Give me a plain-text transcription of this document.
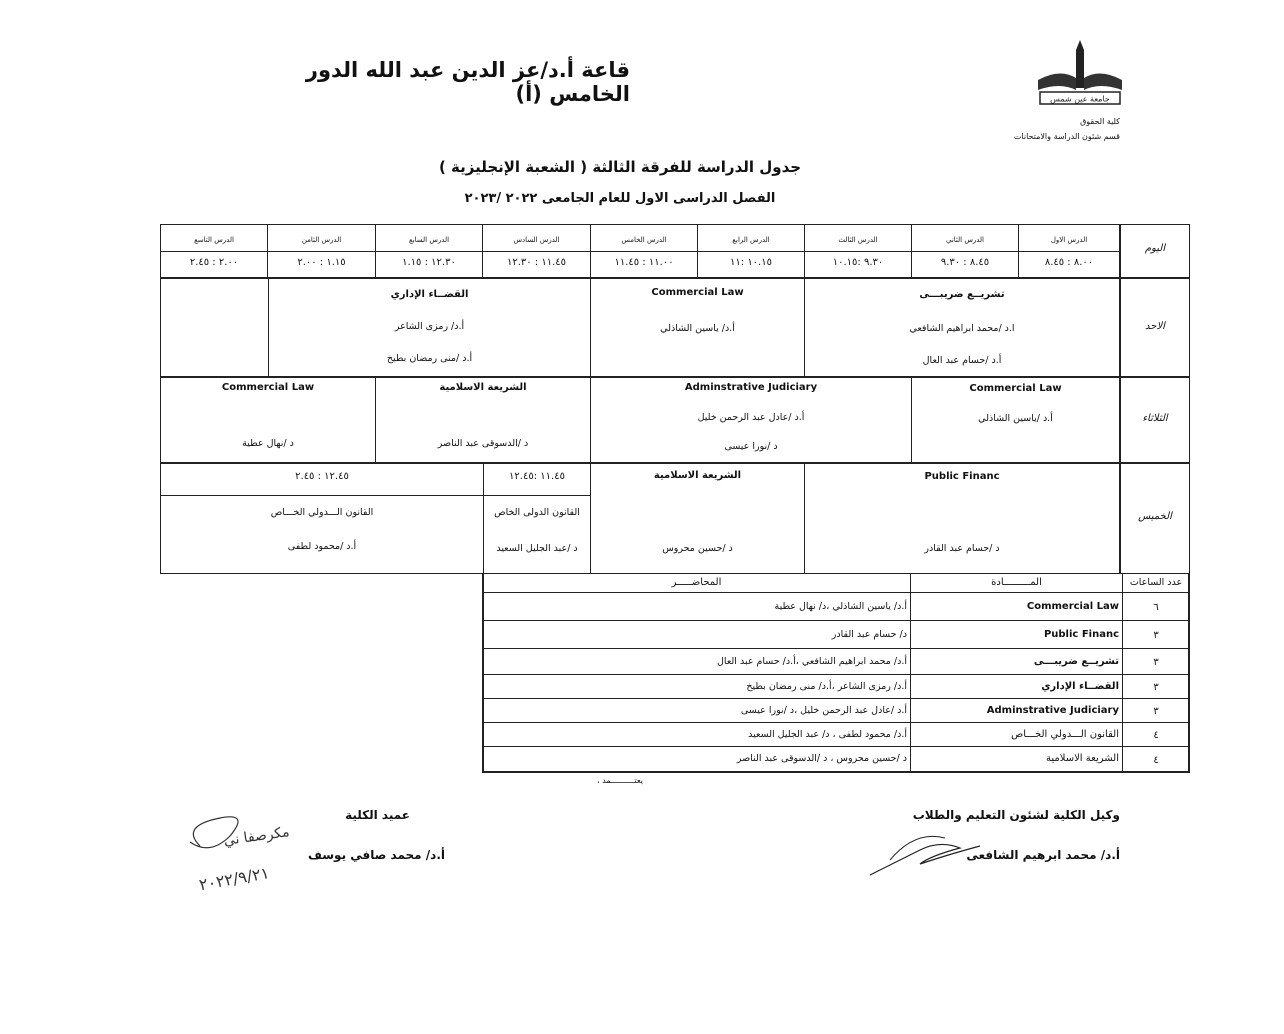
جامعة عين شمس
كلية الحقوق
قسم شئون الدراسة والامتحانات
قاعة أ.د/عز الدين عبد الله الدور الخامس (أ)
جدول الدراسة للفرقة الثالثة ( الشعبة الإنجليزية )
الفصل الدراسى الاول للعام الجامعى ٢٠٢٢ /٢٠٢٣
اليوم
الدرس الاول
٨.٠٠ : ٨.٤٥
الدرس الثاني
٨.٤٥ : ٩.٣٠
الدرس الثالث
٩.٣٠ :١٠.١٥
الدرس الرابع
١٠.١٥ :١١
الدرس الخامس
١١.٠٠ : ١١.٤٥
الدرس السادس
١١.٤٥ : ١٢.٣٠
الدرس السابع
١٢.٣٠ : ١.١٥
الدرس الثامن
١.١٥ : ٢.٠٠
الدرس التاسع
٢.٠٠ : ٢.٤٥
الاحد
تشريــع ضريبـــى
ا.د /محمد ابراهيم الشافعي
أ.د /حسام عبد العال
Commercial Law
أ.د/ ياسين الشاذلي
القضــاء الإداري
أ.د/ رمزى الشاعر
أ.د /منى رمضان بطيخ
الثلاثاء
Commercial Law
أ.د /ياسين الشاذلي
Adminstrative Judiciary
أ.د /عادل عبد الرحمن خليل
د /نورا عيسى
الشريعة الاسلامية
د /الدسوقى عبد الناصر
Commercial Law
د /نهال عطية
الخميس
Public Financ
د /حسام عبد القادر
الشريعة الاسلامية
د /حسين محروس
١١.٤٥ :١٢.٤٥
القانون الدولى الخاص
د /عبد الجليل السعيد
١٢.٤٥ : ٢.٤٥
القانون الـــدولي الخـــاص
أ.د /محمود لطفى
عدد الساعات
المـــــــــادة
المحاضـــــر
٦
Commercial Law
أ.د/ ياسين الشاذلي ،د/ نهال عطية
٣
Public Financ
د/ حسام عبد القادر
٣
تشريــع ضريبـــى
أ.د/ محمد ابراهيم الشافعي ،أ.د/ حسام عبد العال
٣
القضــاء الإداري
أ.د/ رمزى الشاعر ،أ.د/ منى رمضان بطيخ
٣
Adminstrative Judiciary
أ.د /عادل عبد الرحمن خليل ،د /نورا عيسى
٤
القانون الـــدولي الخـــاص
أ.د/ محمود لطفى ، د/ عبد الجليل السعيد
٤
الشريعة الاسلامية
د /حسين محروس ، د /الدسوقى عبد الناصر
يعتــــــــــمد ،
وكيل الكلية لشئون التعليم والطلاب
أ.د/ محمد ابرهيم الشافعى
عميد الكلية
أ.د/ محمد صافي يوسف
مكرصفا ني
٢٠٢٢/٩/٢١
